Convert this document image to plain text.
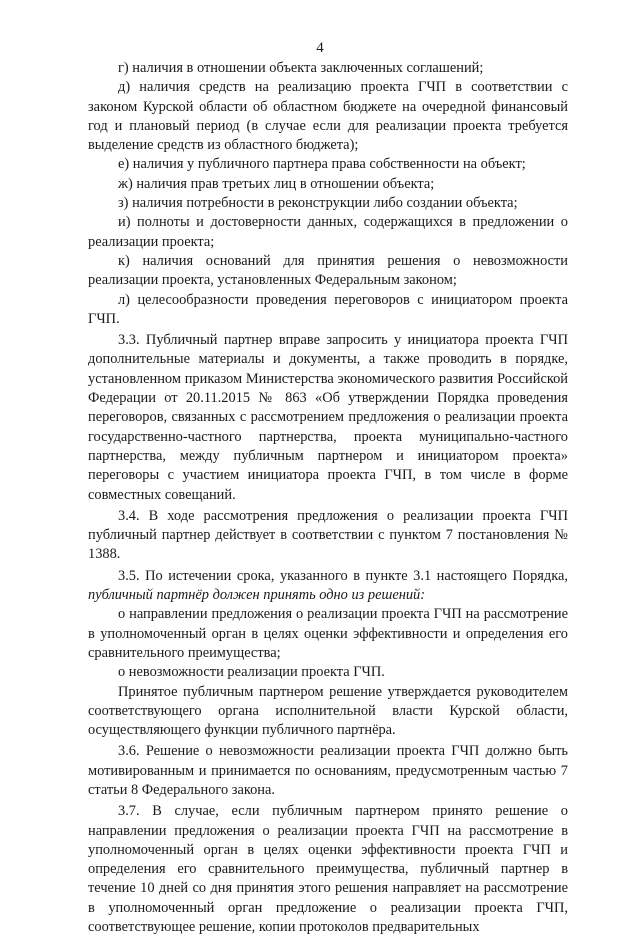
4

г) наличия в отношении объекта заключенных соглашений;

д) наличия средств на реализацию проекта ГЧП в соответствии с законом Курской области об областном бюджете на очередной финансовый год и плановый период (в случае если для реализации проекта требуется выделение средств из областного бюджета);

е) наличия у публичного партнера права собственности на объект;

ж) наличия прав третьих лиц в отношении объекта;

з) наличия потребности в реконструкции либо создании объекта;

и) полноты и достоверности данных, содержащихся в предложении о реализации проекта;

к) наличия оснований для принятия решения о невозможности реализации проекта, установленных Федеральным законом;

л) целесообразности проведения переговоров с инициатором проекта ГЧП.

3.3. Публичный партнер вправе запросить у инициатора проекта ГЧП дополнительные материалы и документы, а также проводить в порядке, установленном приказом Министерства экономического развития Российской Федерации от 20.11.2015 № 863 «Об утверждении Порядка проведения переговоров, связанных с рассмотрением предложения о реализации проекта государственно-частного партнерства, проекта муниципально-частного партнерства, между публичным партнером и инициатором проекта» переговоры с участием инициатора проекта ГЧП, в том числе в форме совместных совещаний.

3.4. В ходе рассмотрения предложения о реализации проекта ГЧП публичный партнер действует в соответствии с пунктом 7 постановления № 1388.

3.5. По истечении срока, указанного в пункте 3.1 настоящего Порядка, публичный партнёр должен принять одно из решений:

о направлении предложения о реализации проекта ГЧП на рассмотрение в уполномоченный орган в целях оценки эффективности и определения его сравнительного преимущества;

о невозможности реализации проекта ГЧП.

Принятое публичным партнером решение утверждается руководителем соответствующего органа исполнительной власти Курской области, осуществляющего функции публичного партнёра.

3.6. Решение о невозможности реализации проекта ГЧП должно быть мотивированным и принимается по основаниям, предусмотренным частью 7 статьи 8 Федерального закона.

3.7. В случае, если публичным партнером принято решение о направлении предложения о реализации проекта ГЧП на рассмотрение в уполномоченный орган в целях оценки эффективности проекта ГЧП и определения его сравнительного преимущества, публичный партнер в течение 10 дней со дня принятия этого решения направляет на рассмотрение в уполномоченный орган предложение о реализации проекта ГЧП, соответствующее решение, копии протоколов предварительных
